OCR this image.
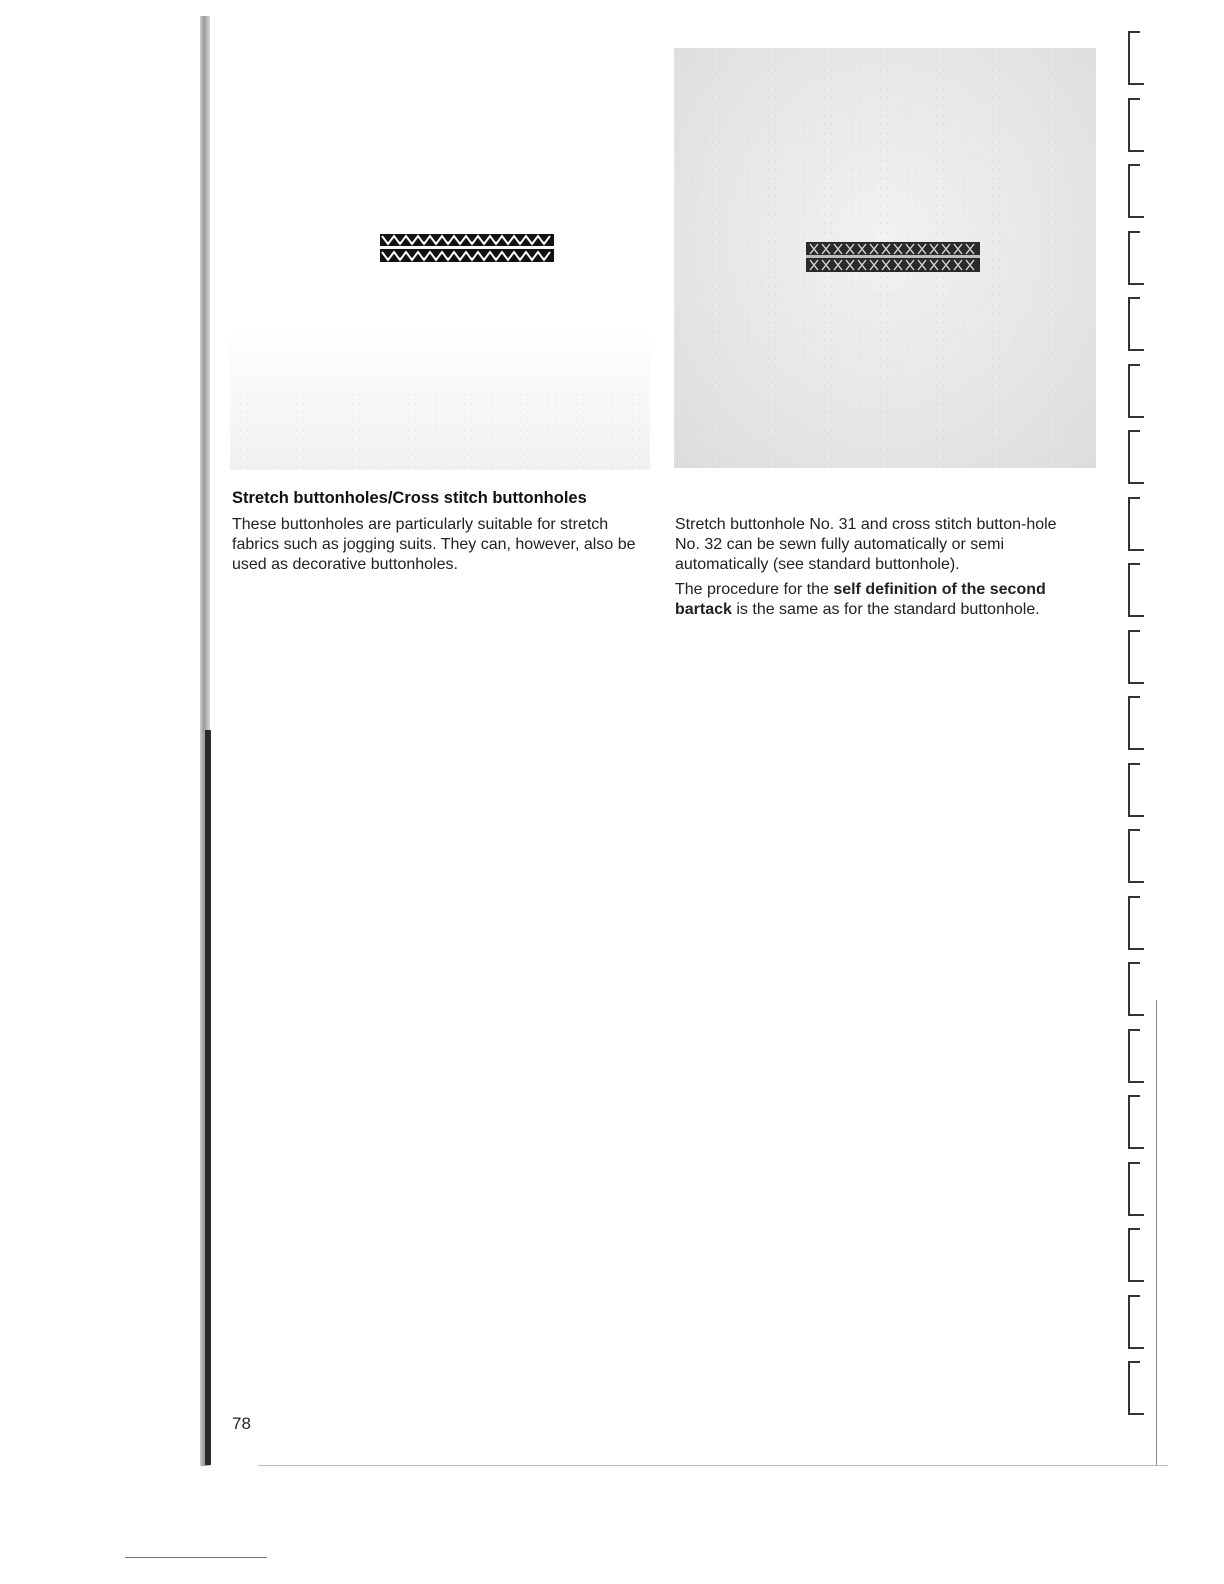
Stretch buttonholes/Cross stitch buttonholes

These buttonholes are particularly suitable for stretch fabrics such as jogging suits. They can, however, also be used as decorative buttonholes.

Stretch buttonhole No. 31 and cross stitch button-hole No. 32 can be sewn fully automatically or semi automatically (see standard buttonhole).

The procedure for the self definition of the second bartack is the same as for the standard buttonhole.

78
